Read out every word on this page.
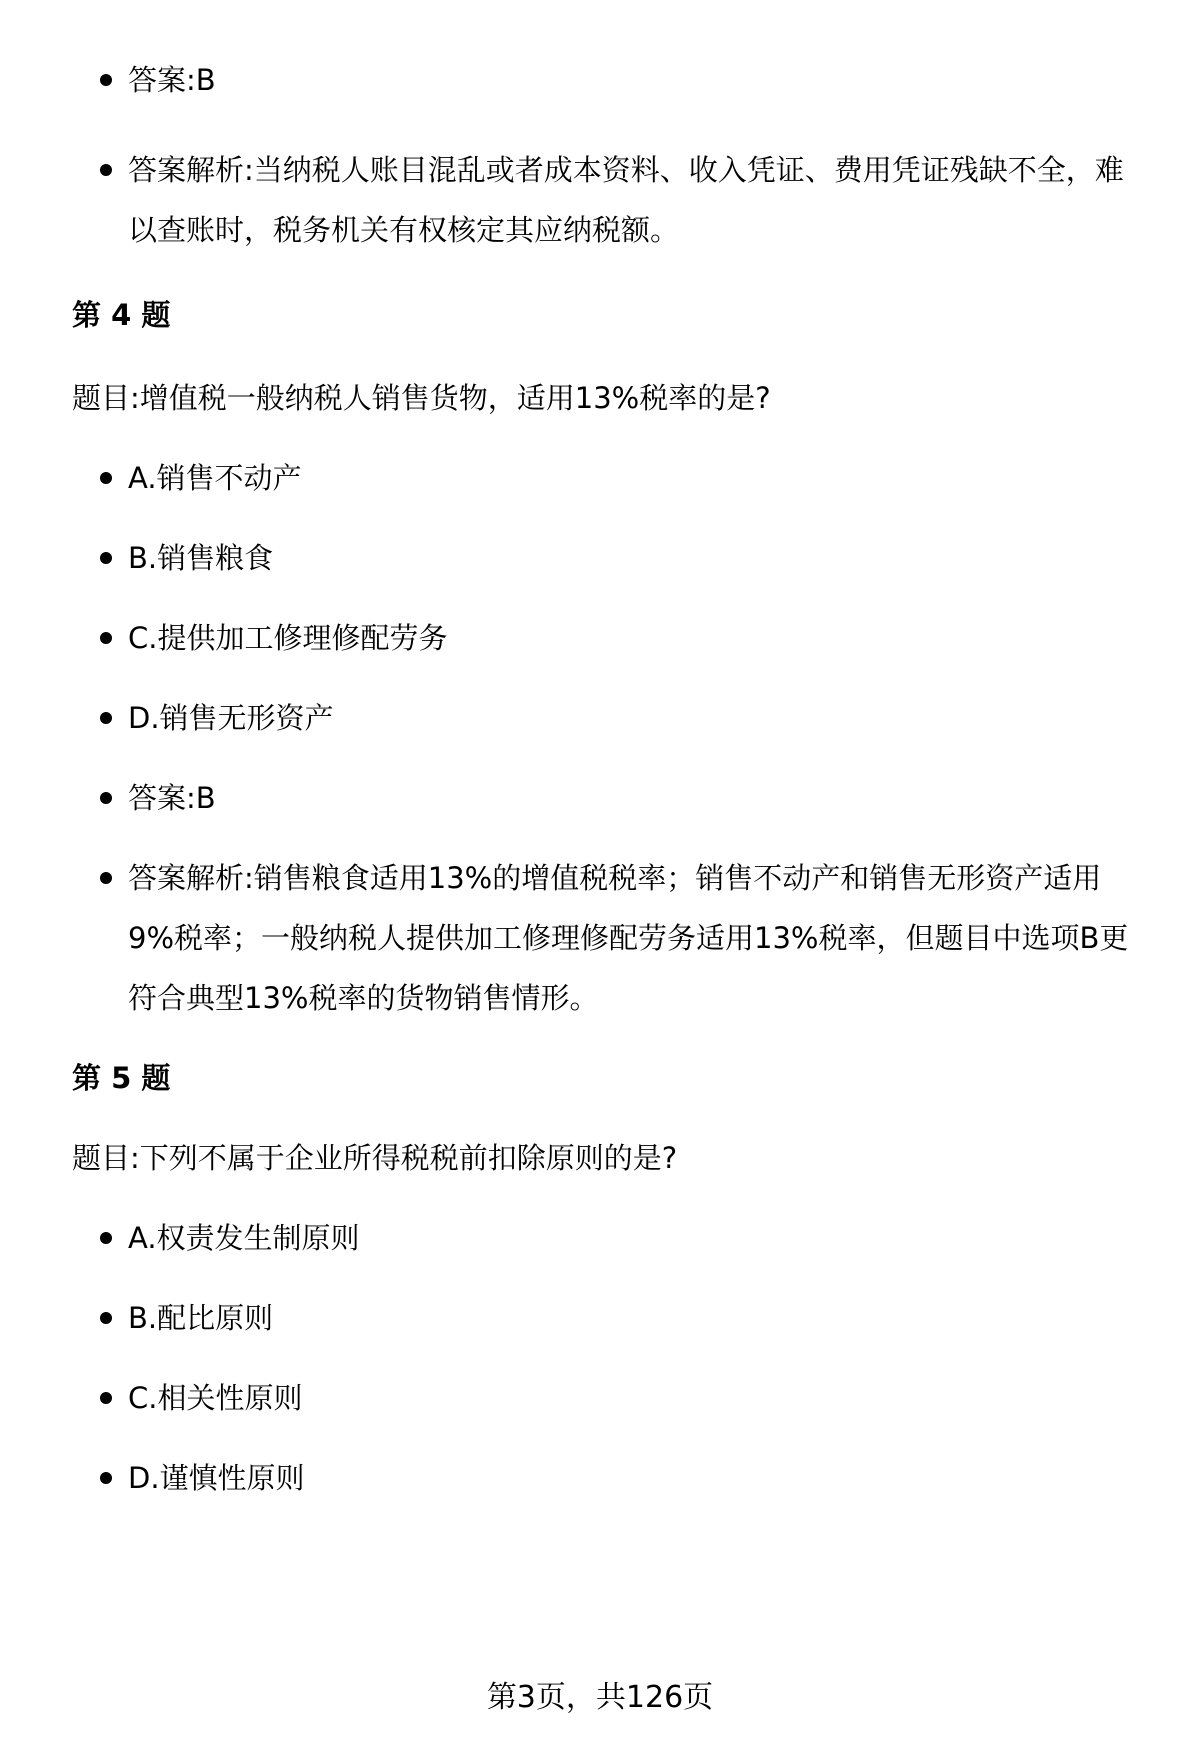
答案:B
答案解析:当纳税人账目混乱或者成本资料、收入凭证、费用凭证残缺不全，难以查账时，税务机关有权核定其应纳税额。

第 4 题

题目:增值税一般纳税人销售货物，适用13%税率的是?

A.销售不动产
B.销售粮食
C.提供加工修理修配劳务
D.销售无形资产
答案:B
答案解析:销售粮食适用13%的增值税税率；销售不动产和销售无形资产适用9%税率；一般纳税人提供加工修理修配劳务适用13%税率，但题目中选项B更符合典型13%税率的货物销售情形。

第 5 题

题目:下列不属于企业所得税税前扣除原则的是?

A.权责发生制原则
B.配比原则
C.相关性原则
D.谨慎性原则
第3页，共126页
